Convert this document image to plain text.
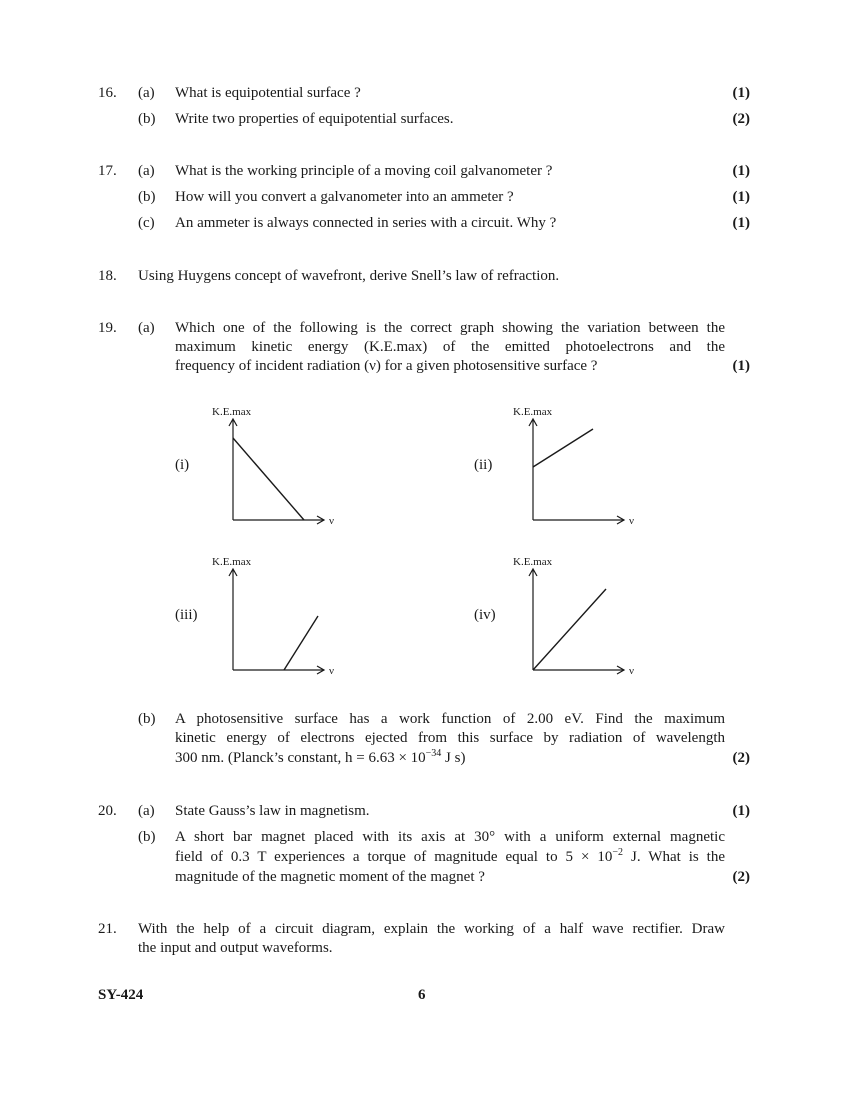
16. (a) What is equipotential surface ?	(1)
(b) Write two properties of equipotential surfaces.	(2)
17. (a) What is the working principle of a moving coil galvanometer ?	(1)
(b) How will you convert a galvanometer into an ammeter ?	(1)
(c) An ammeter is always connected in series with a circuit. Why ?	(1)
18. Using Huygens concept of wavefront, derive Snell’s law of refraction.
19. (a) Which one of the following is the correct graph showing the variation between the
maximum kinetic energy (K.E.max) of the emitted photoelectrons and the
frequency of incident radiation (ν) for a given photosensitive surface ?	(1)
(i)
K.E.max
ν
(ii)
K.E.max
ν
(iii)
K.E.max
ν
(iv)
K.E.max
ν
(b) A photosensitive surface has a work function of 2.00 eV. Find the maximum
kinetic energy of electrons ejected from this surface by radiation of wavelength
300 nm. (Planck’s constant, $h = 6.63 \times 10^{-34}$ J s)	(2)
20. (a) State Gauss’s law in magnetism.	(1)
(b) A short bar magnet placed with its axis at 30° with a uniform external magnetic
field of 0.3 T experiences a torque of magnitude equal to $5 \times 10^{-2}$ J. What is the
magnitude of the magnetic moment of the magnet ?	(2)
21. With the help of a circuit diagram, explain the working of a half wave rectifier. Draw
the input and output waveforms.
SY-424	6
